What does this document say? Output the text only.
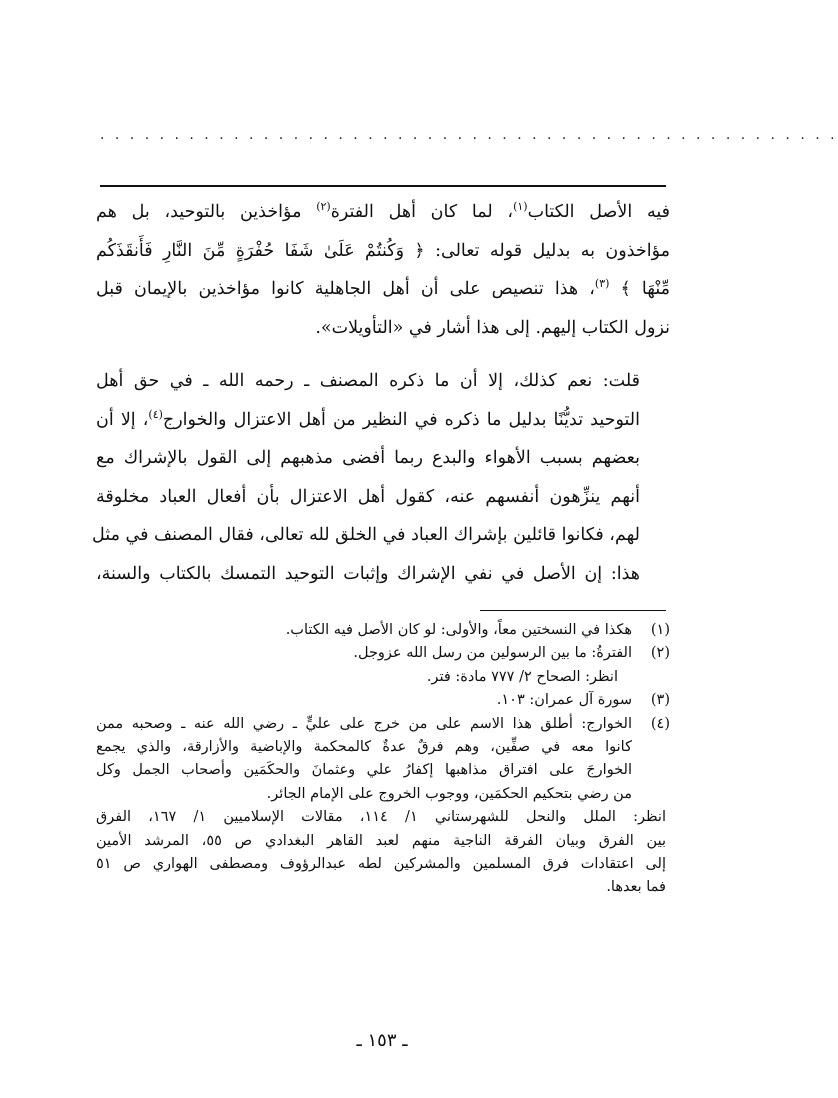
· · · · · · · · · · · · · · · · · · · · · · · · · · · · · · · · · · · · · · · · · · · · · · · · · ·

فيه الأصل الكتاب$^{(١)}$، لما كان أهل الفترة$^{(٢)}$ مؤاخذين بالتوحيد، بل هم
مؤاخذون به بدليل قوله تعالى: ﴿ وَكُنتُمْ عَلَىٰ شَفَا حُفْرَةٍ مِّنَ النَّارِ فَأَنقَذَكُم
مِّنْهَا ﴾ $^{(٣)}$، هذا تنصيص على أن أهل الجاهلية كانوا مؤاخذين بالإيمان قبل
نزول الكتاب إليهم. إلى هذا أشار في «التأويلات».

قلت: نعم كذلك، إلا أن ما ذكره المصنف ـ رحمه الله ـ في حق أهل
التوحيد تديُّنًا بدليل ما ذكره في النظير من أهل الاعتزال والخوارج$^{(٤)}$، إلا أن
بعضهم بسبب الأهواء والبدع ربما أفضى مذهبهم إلى القول بالإشراك مع
أنهم ينزِّهون أنفسهم عنه، كقول أهل الاعتزال بأن أفعال العباد مخلوقة
لهم، فكانوا قائلين بإشراك العباد في الخلق لله تعالى، فقال المصنف في مثل
هذا: إن الأصل في نفي الإشراك وإثبات التوحيد التمسك بالكتاب والسنة،

(١)
هكذا في النسختين معاً، والأولى: لو كان الأصل فيه الكتاب.
(٢)
الفترةُ: ما بين الرسولين من رسل الله عزوجل.
انظر: الصحاح ٢/ ٧٧٧ مادة: فتر.
(٣)
سورة آل عمران: ١٠٣.
(٤)
الخوارج: أطلق هذا الاسم على من خرج على عليٍّ ـ رضي الله عنه ـ وصحبه ممن
كانوا معه في صفِّين، وهم فرقٌ عدةٌ كالمحكمة والإباضية والأزارقة، والذي يجمع
الخوارجَ على افتراق مذاهبها إكفارُ علي وعثمانَ والحكَمَين وأصحاب الجمل وكل
من رضي بتحكيم الحكمَين، ووجوب الخروج على الإمام الجائر.
انظر: الملل والنحل للشهرستاني ١/ ١١٤، مقالات الإسلاميين ١/ ١٦٧، الفرق
بين الفرق وبيان الفرقة الناجية منهم لعبد القاهر البغدادي ص ٥٥، المرشد الأمين
إلى اعتقادات فرق المسلمين والمشركين لطه عبدالرؤوف ومصطفى الهواري ص ٥١
فما بعدها.
ـ ١٥٣ ـ
